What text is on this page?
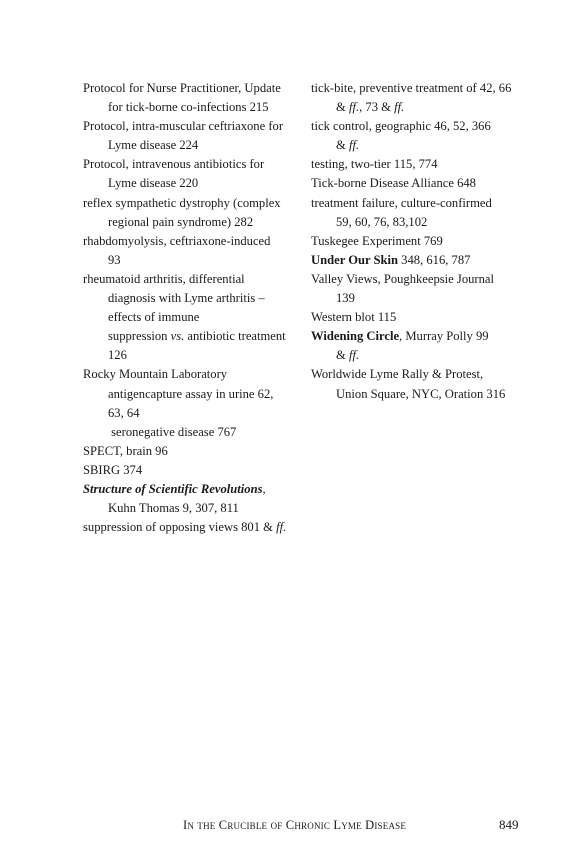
Protocol for Nurse Practitioner, Update
for tick-borne co-infections 215

Protocol, intra-muscular ceftriaxone for
Lyme disease 224

Protocol, intravenous antibiotics for
Lyme disease 220

reflex sympathetic dystrophy (complex
regional pain syndrome) 282

rhabdomyolysis, ceftriaxone-induced
93

rheumatoid arthritis, differential
diagnosis with Lyme arthritis –
effects of immune

suppression vs. antibiotic treatment
126

Rocky Mountain Laboratory
antigencapture assay in urine 62,
63, 64
seronegative disease 767

SPECT, brain 96

SBIRG 374

Structure of Scientific Revolutions,
Kuhn Thomas 9, 307, 811

suppression of opposing views 801 & ff.

tick-bite, preventive treatment of 42, 66
& ff., 73 & ff.

tick control, geographic 46, 52, 366
& ff.

testing, two-tier 115, 774

Tick-borne Disease Alliance 648

treatment failure, culture-confirmed
59, 60, 76, 83,102

Tuskegee Experiment 769

Under Our Skin 348, 616, 787

Valley Views, Poughkeepsie Journal
139

Western blot 115

Widening Circle, Murray Polly 99
& ff.

Worldwide Lyme Rally & Protest,
Union Square, NYC, Oration 316

In the Crucible of Chronic Lyme Disease	849
